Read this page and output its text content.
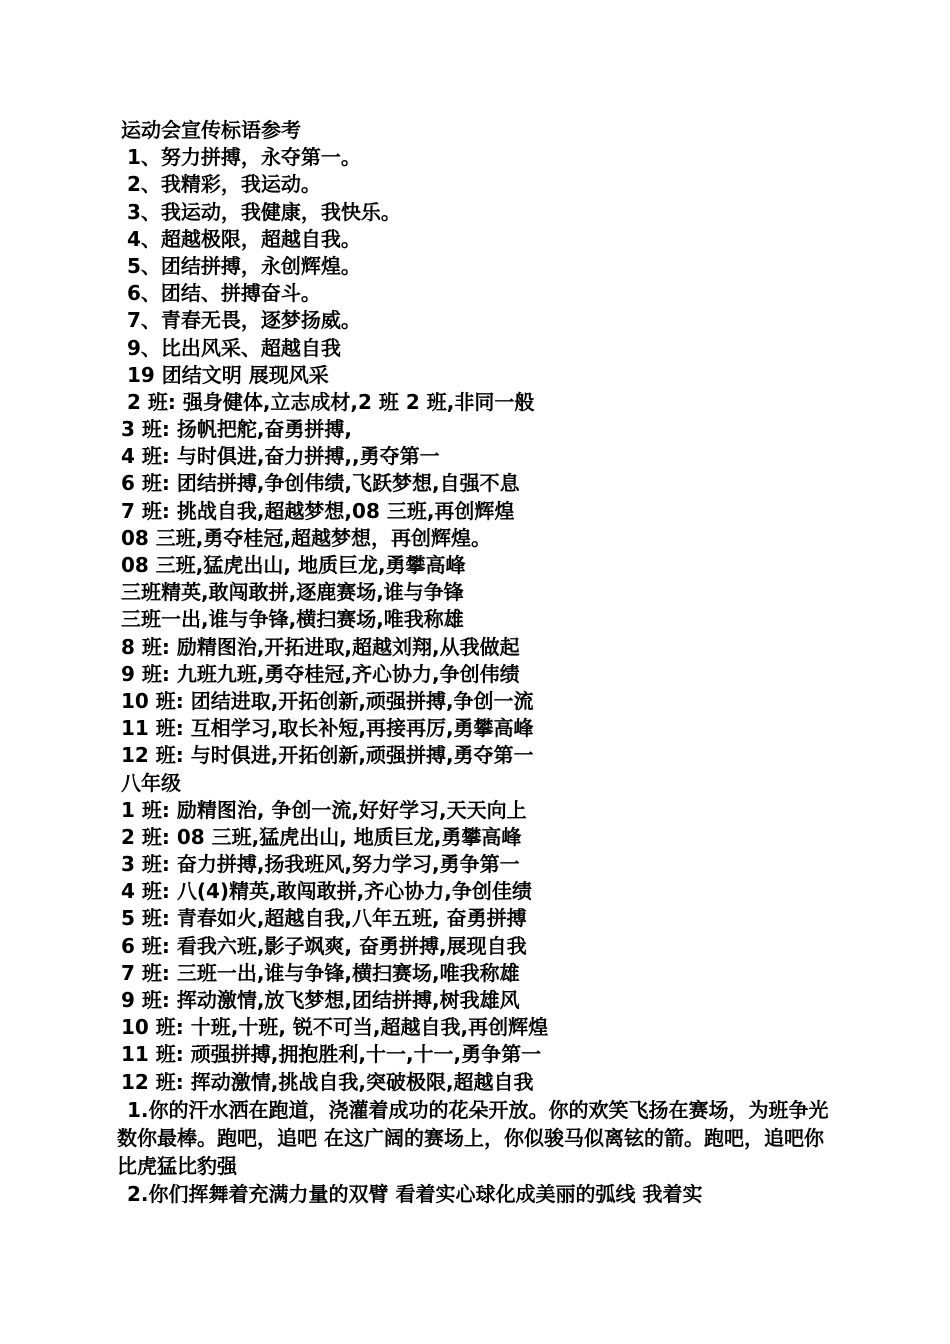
运动会宣传标语参考
1、努力拼搏，永夺第一。
2、我精彩，我运动。
3、我运动，我健康，我快乐。
4、超越极限，超越自我。
5、团结拼搏，永创辉煌。
6、团结、拼搏奋斗。
7、青春无畏，逐梦扬威。
9、比出风采、超越自我
19 团结文明 展现风采
2 班: 强身健体,立志成材,2 班 2 班,非同一般
3 班: 扬帆把舵,奋勇拼搏,
4 班: 与时俱进,奋力拼搏,,勇夺第一
6 班: 团结拼搏,争创伟绩,飞跃梦想,自强不息
7 班: 挑战自我,超越梦想,08 三班,再创辉煌
08 三班,勇夺桂冠,超越梦想，再创辉煌。
08 三班,猛虎出山, 地质巨龙,勇攀高峰
三班精英,敢闯敢拼,逐鹿赛场,谁与争锋
三班一出,谁与争锋,横扫赛场,唯我称雄
8 班: 励精图治,开拓进取,超越刘翔,从我做起
9 班: 九班九班,勇夺桂冠,齐心协力,争创伟绩
10 班: 团结进取,开拓创新,顽强拼搏,争创一流
11 班: 互相学习,取长补短,再接再厉,勇攀高峰
12 班: 与时俱进,开拓创新,顽强拼搏,勇夺第一
八年级
1 班: 励精图治, 争创一流,好好学习,天天向上
2 班: 08 三班,猛虎出山, 地质巨龙,勇攀高峰
3 班: 奋力拼搏,扬我班风,努力学习,勇争第一
4 班: 八(4)精英,敢闯敢拼,齐心协力,争创佳绩
5 班: 青春如火,超越自我,八年五班, 奋勇拼搏
6 班: 看我六班,影子飒爽, 奋勇拼搏,展现自我
7 班: 三班一出,谁与争锋,横扫赛场,唯我称雄
9 班: 挥动激情,放飞梦想,团结拼搏,树我雄风
10 班: 十班,十班, 锐不可当,超越自我,再创辉煌
11 班: 顽强拼搏,拥抱胜利,十一,十一,勇争第一
12 班: 挥动激情,挑战自我,突破极限,超越自我
1.你的汗水洒在跑道，浇灌着成功的花朵开放。你的欢笑飞扬在赛场，为班争光数你最棒。跑吧，追吧 在这广阔的赛场上，你似骏马似离铉的箭。跑吧，追吧你比虎猛比豹强
2.你们挥舞着充满力量的双臂 看着实心球化成美丽的弧线 我着实
